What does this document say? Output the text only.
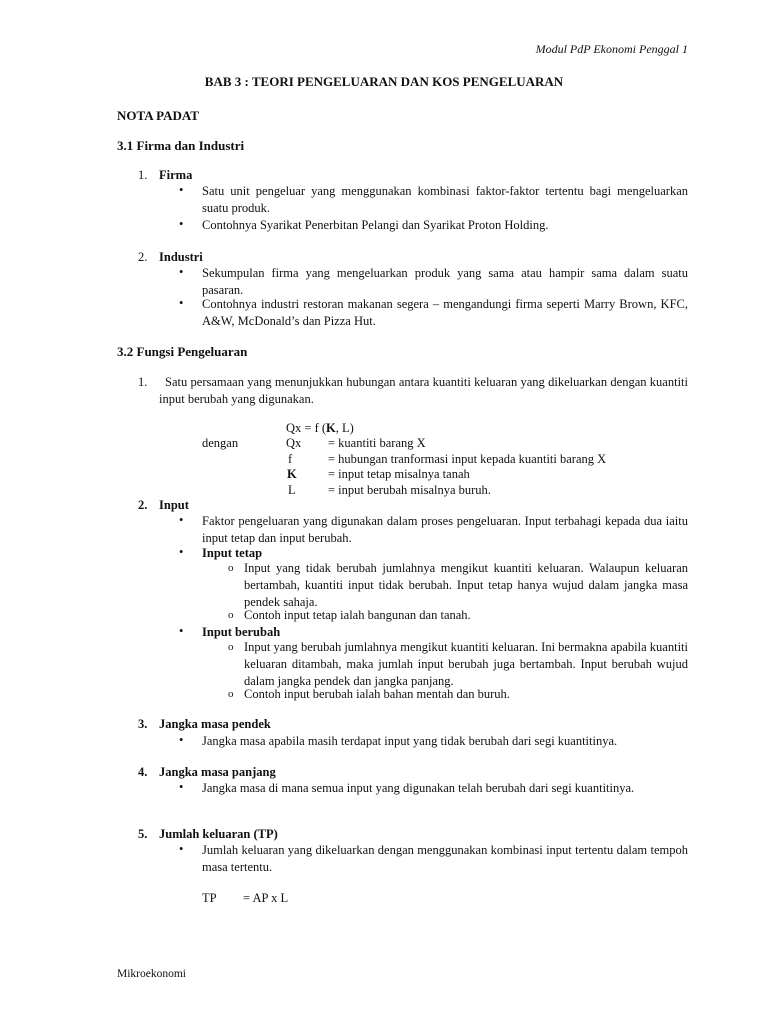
Modul PdP Ekonomi Penggal 1
BAB 3 : TEORI PENGELUARAN DAN KOS PENGELUARAN
NOTA PADAT
3.1 Firma dan Industri
1. Firma
• Satu unit pengeluar yang menggunakan kombinasi faktor-faktor tertentu bagi mengeluarkan suatu produk.
• Contohnya Syarikat Penerbitan Pelangi dan Syarikat Proton Holding.
2. Industri
• Sekumpulan firma yang mengeluarkan produk yang sama atau hampir sama dalam suatu pasaran.
• Contohnya industri restoran makanan segera – mengandungi firma seperti Marry Brown, KFC, A&W, McDonald’s dan Pizza Hut.
3.2 Fungsi Pengeluaran
1.	Satu persamaan yang menunjukkan hubungan antara kuantiti keluaran yang dikeluarkan dengan kuantiti input berubah yang digunakan.
Qx = f (K, L)
dengan	Qx = kuantiti barang X
f	= hubungan tranformasi input kepada kuantiti barang X
K	= input tetap misalnya tanah
L	= input berubah misalnya buruh.
2. Input
• Faktor pengeluaran yang digunakan dalam proses pengeluaran. Input terbahagi kepada dua iaitu input tetap dan input berubah.
• Input tetap
o Input yang tidak berubah jumlahnya mengikut kuantiti keluaran. Walaupun keluaran bertambah, kuantiti input tidak berubah. Input tetap hanya wujud dalam jangka masa pendek sahaja.
o Contoh input tetap ialah bangunan dan tanah.
• Input berubah
o Input yang berubah jumlahnya mengikut kuantiti keluaran. Ini bermakna apabila kuantiti keluaran ditambah, maka jumlah input berubah juga bertambah. Input berubah wujud dalam jangka pendek dan jangka panjang.
o Contoh input berubah ialah bahan mentah dan buruh.
3. Jangka masa pendek
• Jangka masa apabila masih terdapat input yang tidak berubah dari segi kuantitinya.
4. Jangka masa panjang
• Jangka masa di mana semua input yang digunakan telah berubah dari segi kuantitinya.
5. Jumlah keluaran (TP)
• Jumlah keluaran yang dikeluarkan dengan menggunakan kombinasi input tertentu dalam tempoh masa tertentu.
TP = AP x L
Mikroekonomi
